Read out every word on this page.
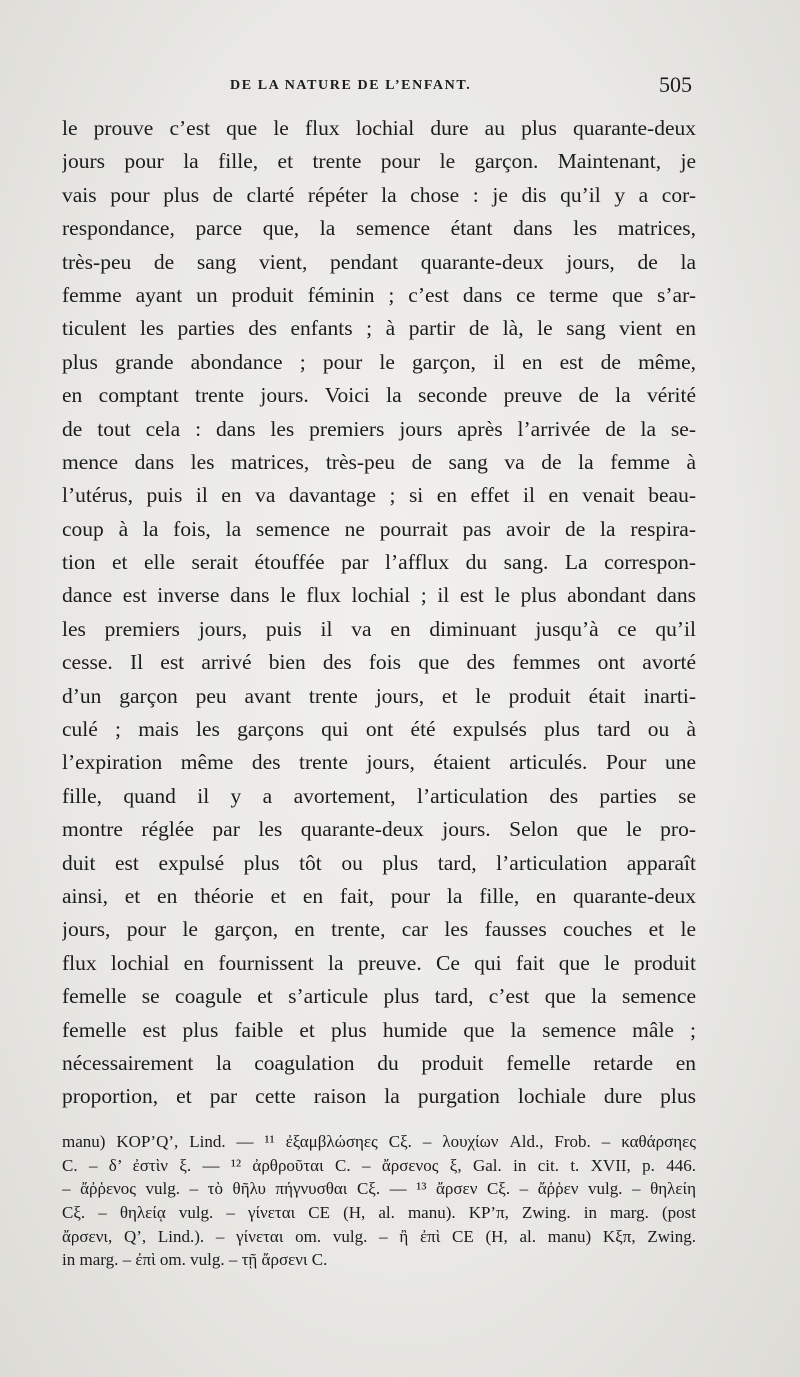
DE LA NATURE DE L’ENFANT.	505
le prouve c’est que le flux lochial dure au plus quarante-deux
jours pour la fille, et trente pour le garçon. Maintenant, je
vais pour plus de clarté répéter la chose : je dis qu’il y a cor-
respondance, parce que, la semence étant dans les matrices,
très-peu de sang vient, pendant quarante-deux jours, de la
femme ayant un produit féminin ; c’est dans ce terme que s’ar-
ticulent les parties des enfants ; à partir de là, le sang vient en
plus grande abondance ; pour le garçon, il en est de même,
en comptant trente jours. Voici la seconde preuve de la vérité
de tout cela : dans les premiers jours après l’arrivée de la se-
mence dans les matrices, très-peu de sang va de la femme à
l’utérus, puis il en va davantage ; si en effet il en venait beau-
coup à la fois, la semence ne pourrait pas avoir de la respira-
tion et elle serait étouffée par l’afflux du sang. La correspon-
dance est inverse dans le flux lochial ; il est le plus abondant dans
les premiers jours, puis il va en diminuant jusqu’à ce qu’il
cesse. Il est arrivé bien des fois que des femmes ont avorté
d’un garçon peu avant trente jours, et le produit était inarti-
culé ; mais les garçons qui ont été expulsés plus tard ou à
l’expiration même des trente jours, étaient articulés. Pour une
fille, quand il y a avortement, l’articulation des parties se
montre réglée par les quarante-deux jours. Selon que le pro-
duit est expulsé plus tôt ou plus tard, l’articulation apparaît
ainsi, et en théorie et en fait, pour la fille, en quarante-deux
jours, pour le garçon, en trente, car les fausses couches et le
flux lochial en fournissent la preuve. Ce qui fait que le produit
femelle se coagule et s’articule plus tard, c’est que la semence
femelle est plus faible et plus humide que la semence mâle ;
nécessairement la coagulation du produit femelle retarde en
proportion, et par cette raison la purgation lochiale dure plus
manu) KOP’Q’, Lind. — ¹¹ ἐξαμβλώσηες Cξ. – λουχίων Ald., Frob. – καθάρσηες
C. – δ’ ἐστὶν ξ. — ¹² ἀρθροῦται C. – ἄρσενος ξ, Gal. in cit. t. XVII, p. 446.
– ἄῤῥενος vulg. – τὸ θῆλυ πήγνυσθαι Cξ. — ¹³ ἄρσεν Cξ. – ἄῤῥεν vulg. – θηλείη
Cξ. – θηλείᾳ vulg. – γίνεται CE (H, al. manu). KP’π, Zwing. in marg. (post
ἄρσενι, Q’, Lind.). – γίνεται om. vulg. – ἢ ἐπὶ CE (H, al. manu) Kξπ, Zwing.
in marg. – ἐπὶ om. vulg. – τῇ ἄρσενι C.
